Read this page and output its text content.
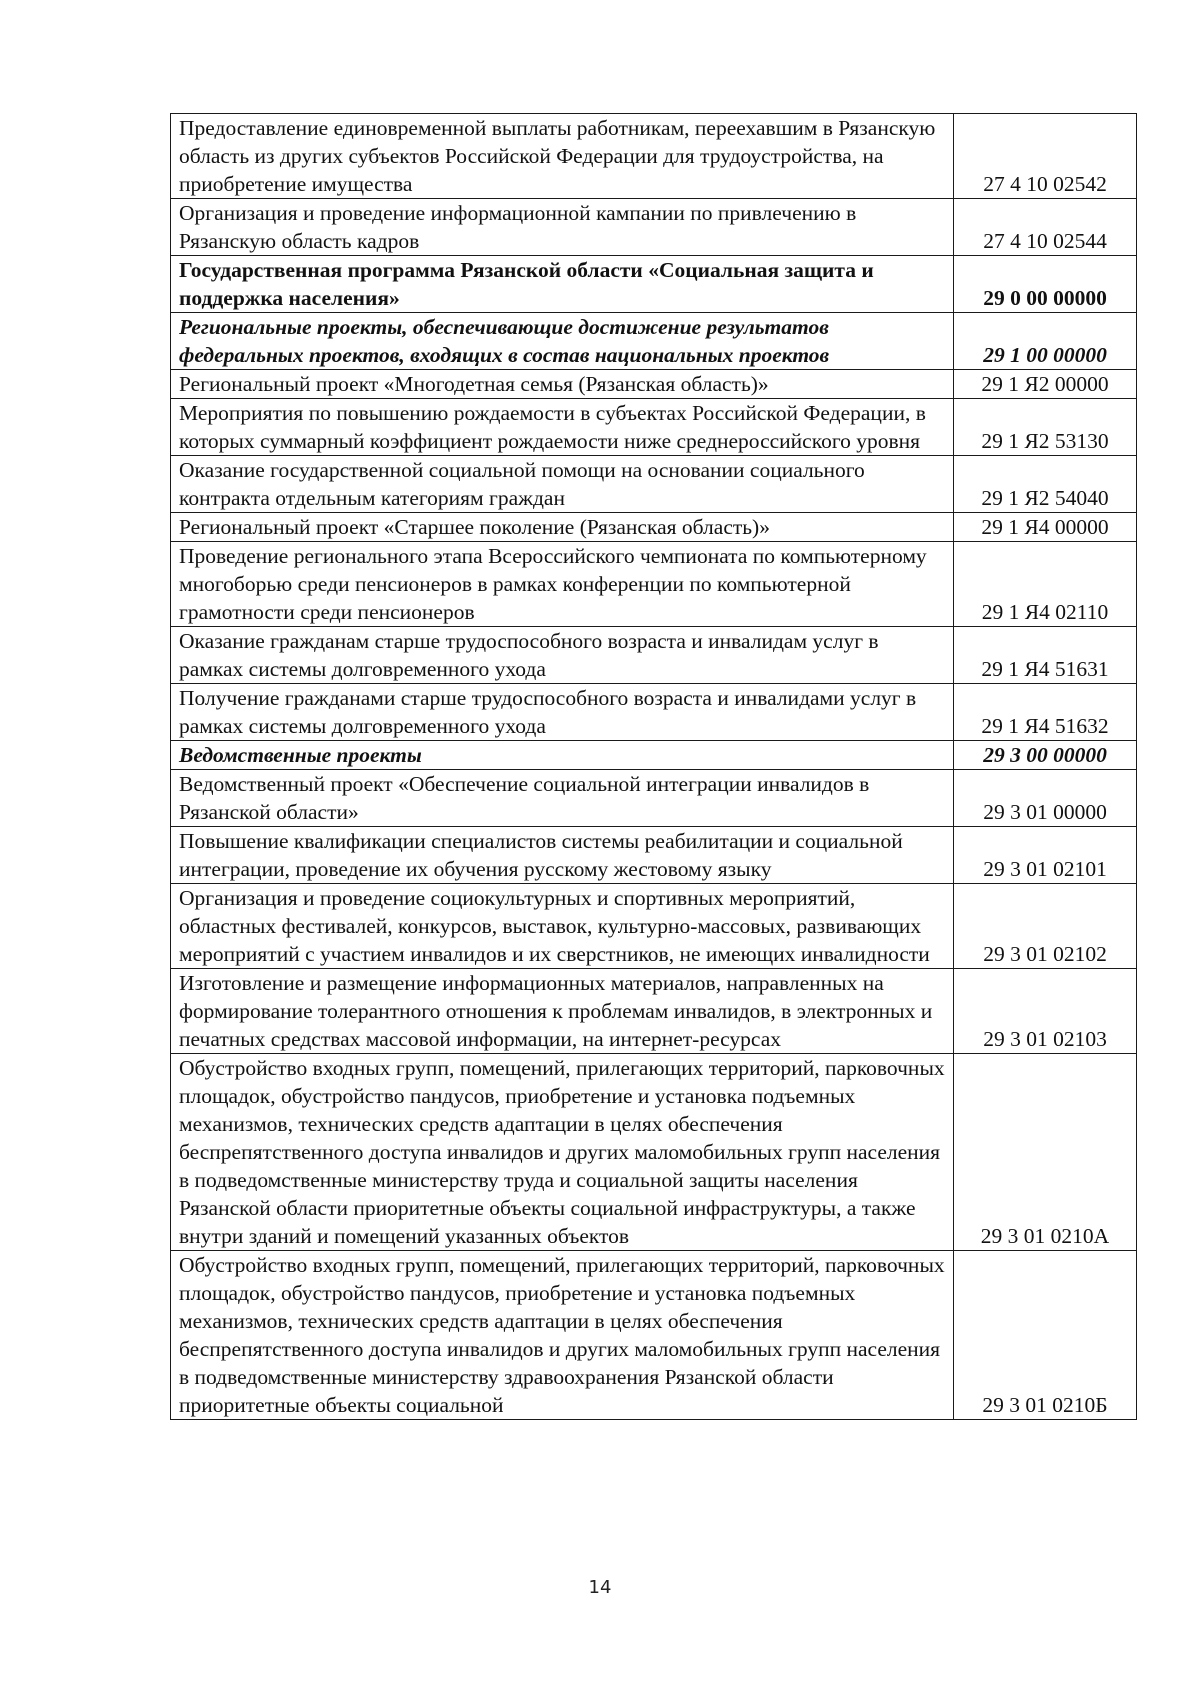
Предоставление единовременной выплаты работникам, переехавшим в Рязанскую область из других субъектов Российской Федерации для трудоустройства, на приобретение имущества	27 4 10 02542
Организация и проведение информационной кампании по привлечению в Рязанскую область кадров	27 4 10 02544
Государственная программа Рязанской области «Социальная защита и поддержка населения»	29 0 00 00000
Региональные проекты, обеспечивающие достижение результатов федеральных проектов, входящих в состав национальных проектов	29 1 00 00000
Региональный проект «Многодетная семья (Рязанская область)»	29 1 Я2 00000
Мероприятия по повышению рождаемости в субъектах Российской Федерации, в которых суммарный коэффициент рождаемости ниже среднероссийского уровня	29 1 Я2 53130
Оказание государственной социальной помощи на основании социального контракта отдельным категориям граждан	29 1 Я2 54040
Региональный проект «Старшее поколение (Рязанская область)»	29 1 Я4 00000
Проведение регионального этапа Всероссийского чемпионата по компьютерному многоборью среди пенсионеров в рамках конференции по компьютерной грамотности среди пенсионеров	29 1 Я4 02110
Оказание гражданам старше трудоспособного возраста и инвалидам услуг в рамках системы долговременного ухода	29 1 Я4 51631
Получение гражданами старше трудоспособного возраста и инвалидами услуг в рамках системы долговременного ухода	29 1 Я4 51632
Ведомственные проекты	29 3 00 00000
Ведомственный проект «Обеспечение социальной интеграции инвалидов в Рязанской области»	29 3 01 00000
Повышение квалификации специалистов системы реабилитации и социальной интеграции, проведение их обучения русскому жестовому языку	29 3 01 02101
Организация и проведение социокультурных и спортивных мероприятий, областных фестивалей, конкурсов, выставок, культурно-массовых, развивающих мероприятий с участием инвалидов и их сверстников, не имеющих инвалидности	29 3 01 02102
Изготовление и размещение информационных материалов, направленных на формирование толерантного отношения к проблемам инвалидов, в электронных и печатных средствах массовой информации, на интернет-ресурсах	29 3 01 02103
Обустройство входных групп, помещений, прилегающих территорий, парковочных площадок, обустройство пандусов, приобретение и установка подъемных механизмов, технических средств адаптации в целях обеспечения беспрепятственного доступа инвалидов и других маломобильных групп населения в подведомственные министерству труда и социальной защиты населения Рязанской области приоритетные объекты социальной инфраструктуры, а также внутри зданий и помещений указанных объектов	29 3 01 0210А
Обустройство входных групп, помещений, прилегающих территорий, парковочных площадок, обустройство пандусов, приобретение и установка подъемных механизмов, технических средств адаптации в целях обеспечения беспрепятственного доступа инвалидов и других маломобильных групп населения в подведомственные министерству здравоохранения Рязанской области приоритетные объекты социальной	29 3 01 0210Б
14
